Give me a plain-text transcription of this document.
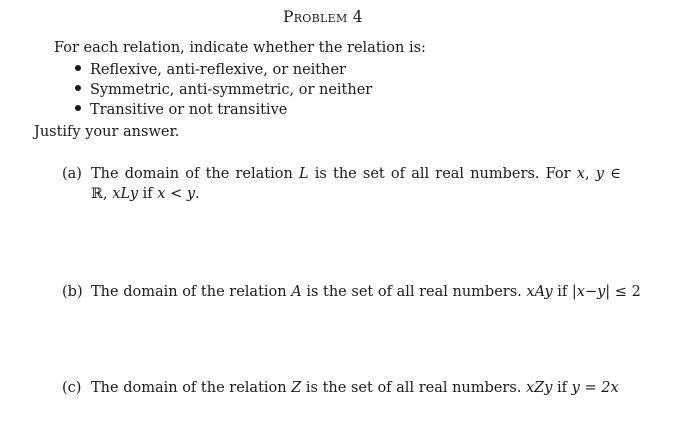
Problem 4
For each relation, indicate whether the relation is:
Reflexive, anti-reflexive, or neither
Symmetric, anti-symmetric, or neither
Transitive or not transitive
Justify your answer.
(a) The domain of the relation L is the set of all real numbers. For x, y ∈
ℝ, xLy if x < y.
(b) The domain of the relation A is the set of all real numbers. xAy if |x−y| ≤ 2
(c) The domain of the relation Z is the set of all real numbers. xZy if y = 2x
